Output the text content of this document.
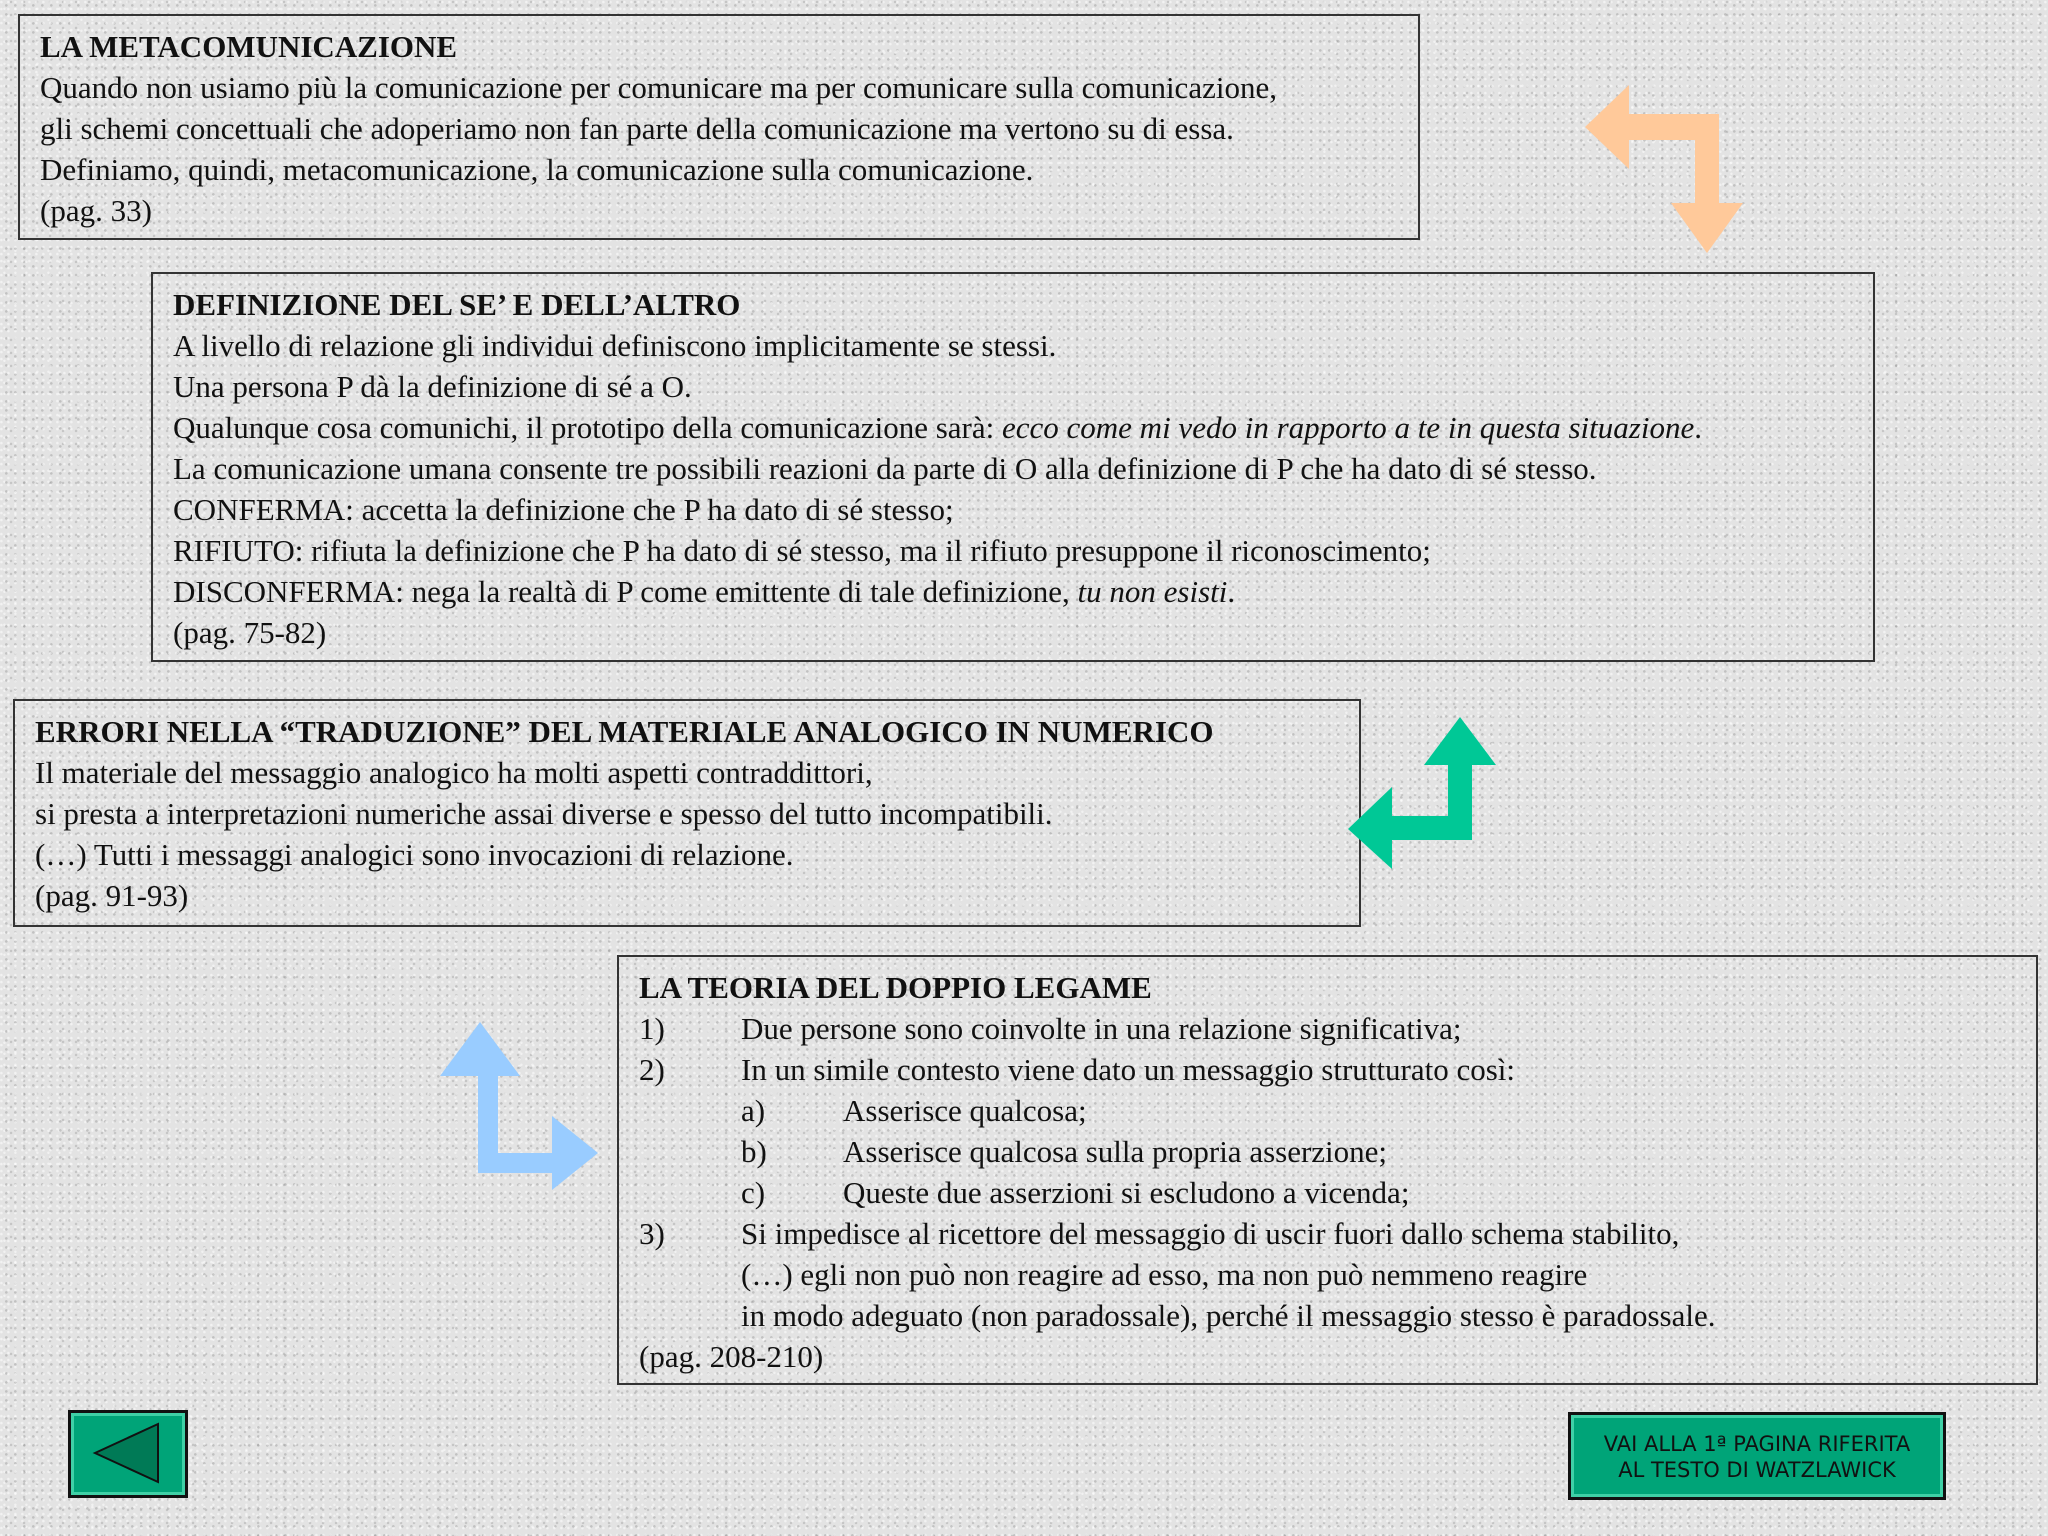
LA METACOMUNICAZIONE
Quando non usiamo più la comunicazione per comunicare ma per comunicare sulla comunicazione,
gli schemi concettuali che adoperiamo non fan parte della comunicazione ma vertono su di essa.
Definiamo, quindi, metacomunicazione, la comunicazione sulla comunicazione.
(pag. 33)
DEFINIZIONE DEL SE’ E DELL’ALTRO
A livello di relazione gli individui definiscono implicitamente se stessi.
Una persona P dà la definizione di sé a O.
Qualunque cosa comunichi, il prototipo della comunicazione sarà: ecco come mi vedo in rapporto a te in questa situazione.
La comunicazione umana consente tre possibili reazioni da parte di O alla definizione di P che ha dato di sé stesso.
CONFERMA: accetta la definizione che P ha dato di sé stesso;
RIFIUTO: rifiuta la definizione che P ha dato di sé stesso, ma il rifiuto presuppone il riconoscimento;
DISCONFERMA: nega la realtà di P come emittente di tale definizione, tu non esisti.
(pag. 75-82)
ERRORI NELLA “TRADUZIONE” DEL MATERIALE ANALOGICO IN NUMERICO
Il materiale del messaggio analogico ha molti aspetti contraddittori,
si presta a interpretazioni numeriche assai diverse e spesso del tutto incompatibili.
(…) Tutti i messaggi analogici sono invocazioni di relazione.
(pag. 91-93)
LA TEORIA DEL DOPPIO LEGAME
1) Due persone sono coinvolte in una relazione significativa;
2) In un simile contesto viene dato un messaggio strutturato così:
a)	Asserisce qualcosa;
b) Asserisce qualcosa sulla propria asserzione;
c)	Queste due asserzioni si escludono a vicenda;
3) Si impedisce al ricettore del messaggio di uscir fuori dallo schema stabilito,
(…) egli non può non reagire ad esso, ma non può nemmeno reagire
in modo adeguato (non paradossale), perché il messaggio stesso è paradossale.
(pag. 208-210)
VAI ALLA 1ª PAGINA RIFERITA
AL TESTO DI WATZLAWICK
